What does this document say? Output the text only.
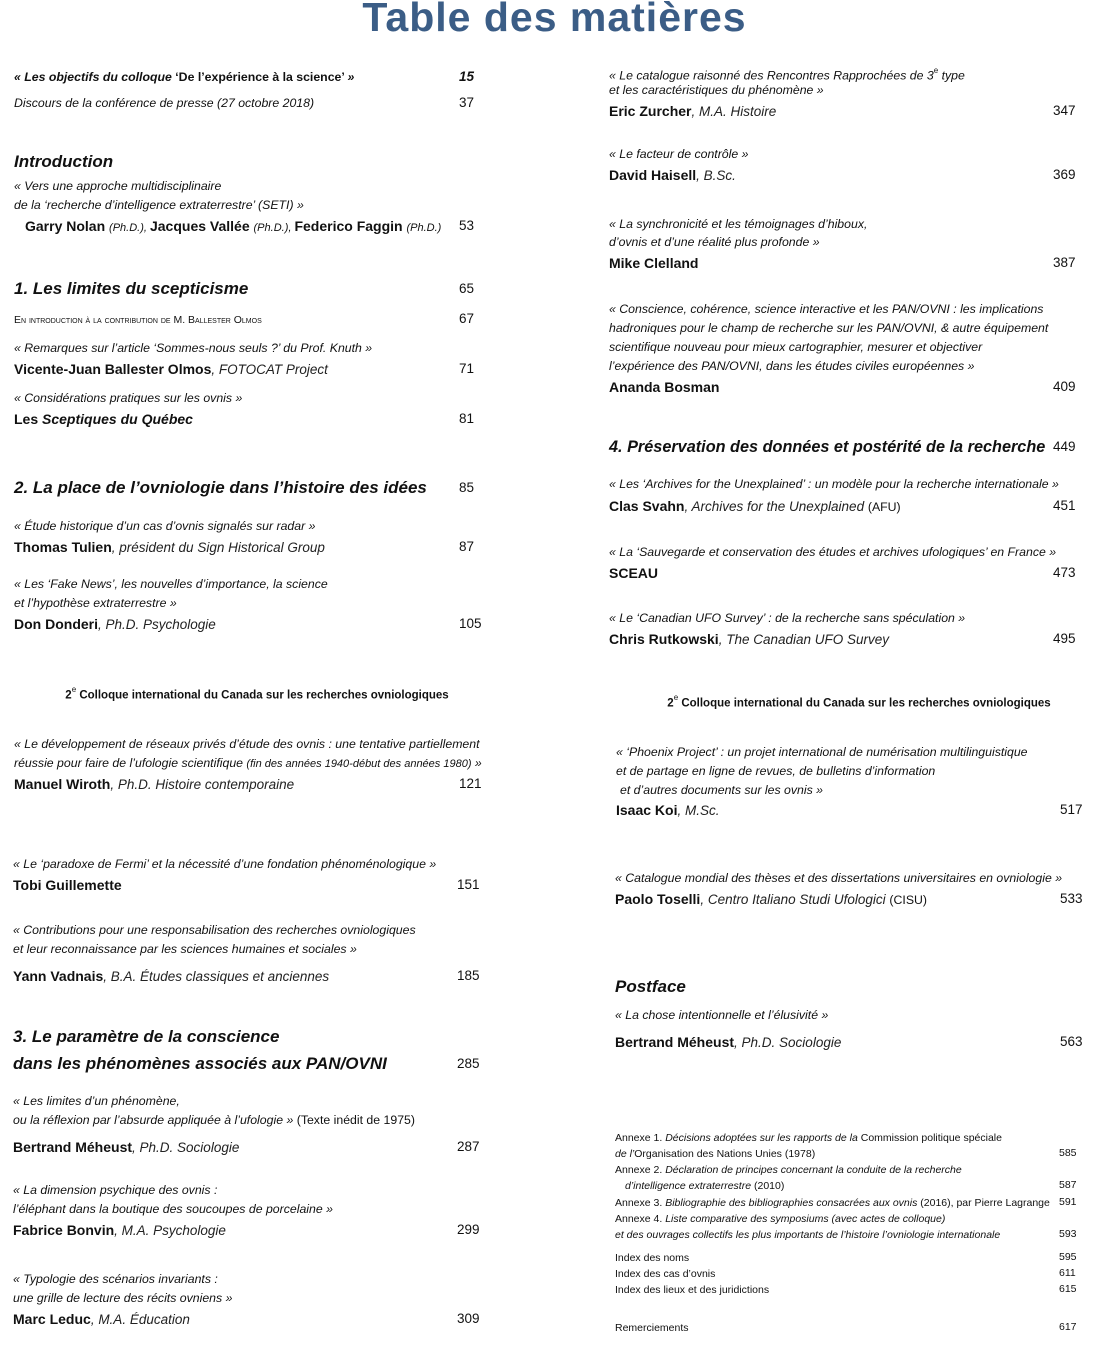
Table des matières
« Les objectifs du colloque ‘De l’expérience à la science’ »	15
Discours de la conférence de presse (27 octobre 2018)	37
Introduction
« Vers une approche multidisciplinaire
de la ‘recherche d’intelligence extraterrestre’ (SETI) »
Garry Nolan (Ph.D.), Jacques Vallée (Ph.D.), Federico Faggin (Ph.D.) 53
1. Les limites du scepticisme	65
En introduction à la contribution de M. Ballester Olmos	67
« Remarques sur l’article ‘Sommes-nous seuls ?’ du Prof. Knuth »
Vicente-Juan Ballester Olmos, FOTOCAT Project	71
« Considérations pratiques sur les ovnis »
Les Sceptiques du Québec	81
2. La place de l’ovniologie dans l’histoire des idées 85
« Étude historique d’un cas d’ovnis signalés sur radar »
Thomas Tulien, président du Sign Historical Group	87
« Les ‘Fake News’, les nouvelles d’importance, la science
et l’hypothèse extraterrestre »
Don Donderi, Ph.D. Psychologie	105
2e Colloque international du Canada sur les recherches ovniologiques
« Le développement de réseaux privés d’étude des ovnis : une tentative partiellement
réussie pour faire de l’ufologie scientifique (fin des années 1940-début des années 1980) »
Manuel Wiroth, Ph.D. Histoire contemporaine	121
« Le ‘paradoxe de Fermi’ et la nécessité d’une fondation phénoménologique »
Tobi Guillemette	151
« Contributions pour une responsabilisation des recherches ovniologiques
et leur reconnaissance par les sciences humaines et sociales »
Yann Vadnais, B.A. Études classiques et anciennes	185
3. Le paramètre de la conscience
dans les phénomènes associés aux PAN/OVNI	285
« Les limites d’un phénomène,
ou la réflexion par l’absurde appliquée à l’ufologie » (Texte inédit de 1975)
Bertrand Méheust, Ph.D. Sociologie	287
« La dimension psychique des ovnis :
l’éléphant dans la boutique des soucoupes de porcelaine »
Fabrice Bonvin, M.A. Psychologie	299
« Typologie des scénarios invariants :
une grille de lecture des récits ovniens »
Marc Leduc, M.A. Éducation	309
« Le catalogue raisonné des Rencontres Rapprochées de 3e type
et les caractéristiques du phénomène »
Eric Zurcher, M.A. Histoire	347
« Le facteur de contrôle »
David Haisell, B.Sc.	369
« La synchronicité et les témoignages d’hiboux,
d’ovnis et d’une réalité plus profonde »
Mike Clelland	387
« Conscience, cohérence, science interactive et les PAN/OVNI : les implications
hadroniques pour le champ de recherche sur les PAN/OVNI, & autre équipement
scientifique nouveau pour mieux cartographier, mesurer et objectiver
l’expérience des PAN/OVNI, dans les études civiles européennes »
Ananda Bosman	409
4. Préservation des données et postérité de la recherche 449
« Les ‘Archives for the Unexplained’ : un modèle pour la recherche internationale »
Clas Svahn, Archives for the Unexplained (AFU)	451
« La ‘Sauvegarde et conservation des études et archives ufologiques’ en France »
SCEAU	473
« Le ‘Canadian UFO Survey’ : de la recherche sans spéculation »
Chris Rutkowski, The Canadian UFO Survey	495
2e Colloque international du Canada sur les recherches ovniologiques
« ‘Phoenix Project’ : un projet international de numérisation multilinguistique
et de partage en ligne de revues, de bulletins d’information
et d’autres documents sur les ovnis »
Isaac Koi, M.Sc.	517
« Catalogue mondial des thèses et des dissertations universitaires en ovniologie »
Paolo Toselli, Centro Italiano Studi Ufologici (CISU)	533
Postface
« La chose intentionnelle et l’élusivité »
Bertrand Méheust, Ph.D. Sociologie	563
Annexe 1. Décisions adoptées sur les rapports de la Commission politique spéciale
de l’Organisation des Nations Unies (1978)	585
Annexe 2. Déclaration de principes concernant la conduite de la recherche
d’intelligence extraterrestre (2010)	587
Annexe 3. Bibliographie des bibliographies consacrées aux ovnis (2016), par Pierre Lagrange 591
Annexe 4. Liste comparative des symposiums (avec actes de colloque)
et des ouvrages collectifs les plus importants de l’histoire l’ovniologie internationale	593
Index des noms	595
Index des cas d’ovnis	611
Index des lieux et des juridictions	615
Remerciements	617
